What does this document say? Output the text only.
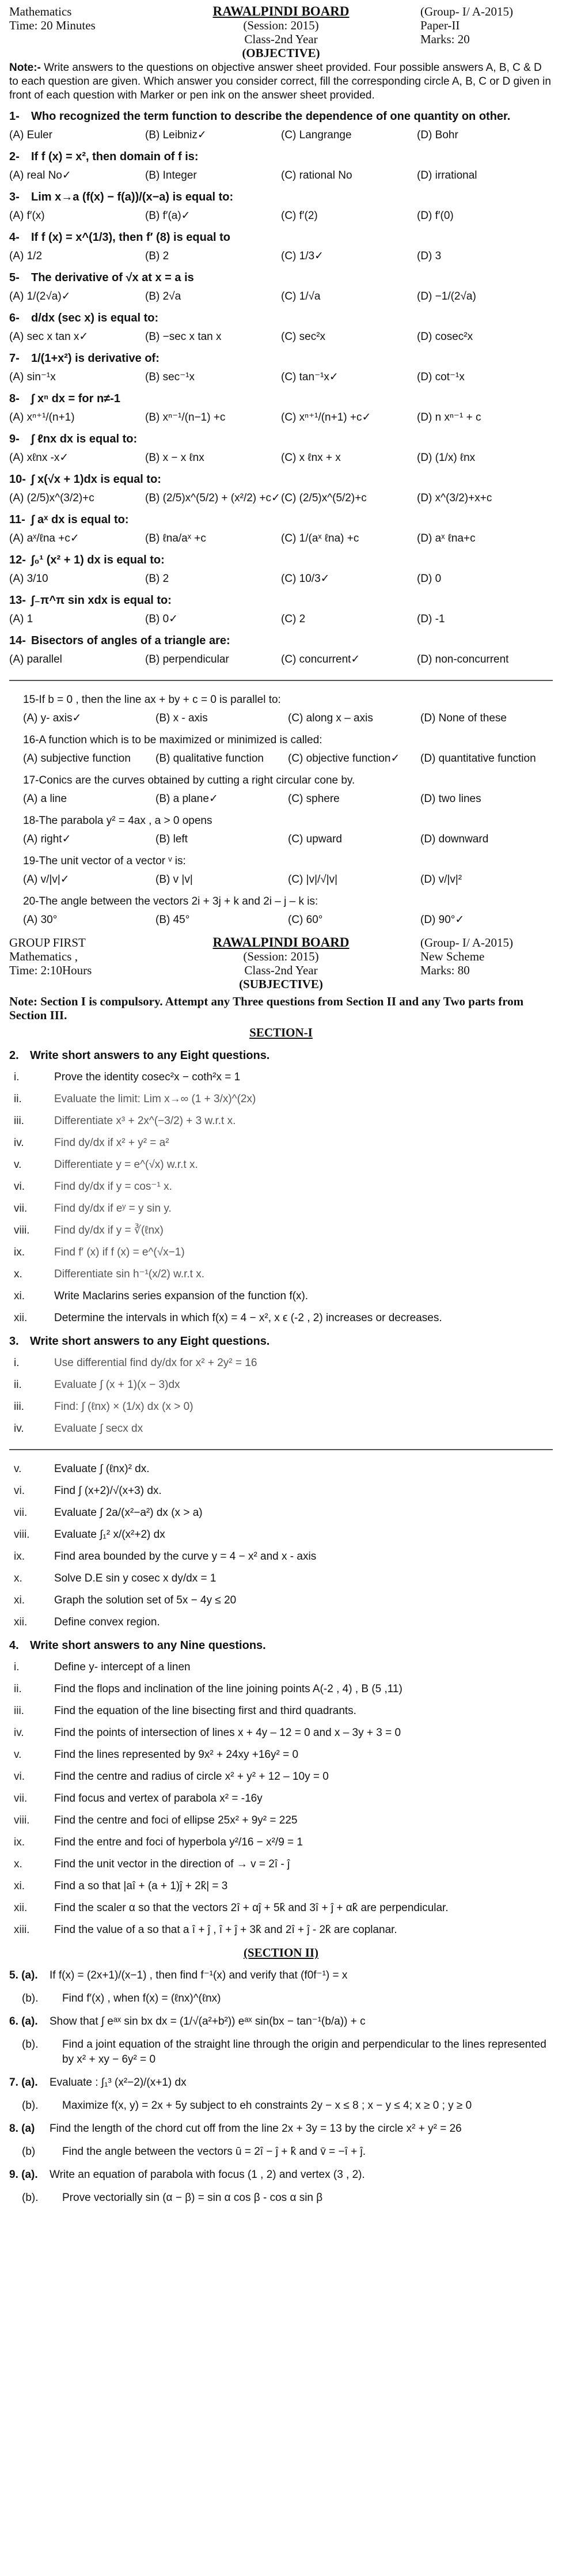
Mathematics
Time: 20 Minutes
RAWALPINDI BOARD
(Session: 2015)
Class-2nd Year
(OBJECTIVE)
(Group- I/ A-2015)
Paper-II
Marks: 20
Note:- Write answers to the questions on objective answer sheet provided. Four possible answers A, B, C & D to each question are given. Which answer you consider correct, fill the corresponding circle A, B, C or D given in front of each question with Marker or pen ink on the answer sheet provided.
1- Who recognized the term function to describe the dependence of one quantity on other.
(A) Euler	(B) Leibniz✓	(C) Langrange	(D) Bohr
2- If f (x) = x², then domain of f is:
(A) real No✓	(B) Integer	(C) rational No	(D) irrational
3- Lim x→a (f(x) − f(a))/(x−a) is equal to:
(A) f′(x)	(B) f′(a)✓	(C) f′(2)	(D) f′(0)
4- If f (x) = x^(1/3), then f′ (8) is equal to
(A) 1/2	(B) 2	(C) 1/3✓	(D) 3
5- The derivative of √x at x = a is
(A) 1/(2√a)✓	(B) 2√a	(C) 1/√a	(D) −1/(2√a)
6- d/dx (sec x) is equal to:
(A) sec x tan x✓	(B) −sec x tan x	(C) sec²x	(D) cosec²x
7- 1/(1+x²) is derivative of:
(A) sin⁻¹x	(B) sec⁻¹x	(C) tan⁻¹x✓	(D) cot⁻¹x
8- ∫ xⁿ dx = for n≠-1
(A) xⁿ⁺¹/(n+1)	(B) xⁿ⁻¹/(n−1) +c	(C) xⁿ⁺¹/(n+1) +c✓	(D) n xⁿ⁻¹ + c
9- ∫ ℓnx dx is equal to:
(A) xℓnx -x✓	(B) x − x ℓnx	(C) x ℓnx + x	(D) (1/x) ℓnx
10- ∫ x(√x + 1)dx is equal to:
(A) (2/5)x^(3/2)+c	(B) (2/5)x^(5/2) + (x²/2) +c✓ (C) (2/5)x^(5/2)+c	(D) x^(3/2)+x+c
11- ∫ aˣ dx is equal to:
(A) aˣ/ℓna +c✓	(B) ℓna/aˣ +c	(C) 1/(aˣ ℓna) +c	(D) aˣ ℓna+c
12- ∫₀¹ (x² + 1) dx is equal to:
(A) 3/10	(B) 2	(C) 10/3✓	(D) 0
13- ∫₋π^π sin xdx is equal to:
(A) 1	(B) 0✓	(C) 2	(D) -1
14- Bisectors of angles of a triangle are:
(A) parallel	(B) perpendicular	(C) concurrent✓	(D) non-concurrent
15-If b = 0 , then the line ax + by + c = 0 is parallel to:
(A) y- axis✓	(B) x - axis	(C) along x – axis	(D) None of these
16-A function which is to be maximized or minimized is called:
(A) subjective function	(B) qualitative function	(C) objective function✓	(D) quantitative function
17-Conics are the curves obtained by cutting a right circular cone by.
(A) a line	(B) a plane✓	(C) sphere	(D) two lines
18-The parabola y² = 4ax , a > 0 opens
(A) right✓	(B) left	(C) upward	(D) downward
19-The unit vector of a vector ᵛ is:
(A) v/|v|✓	(B) v |v|	(C) |v|/√|v|	(D) v/|v|²
20-The angle between the vectors 2i + 3j + k and 2i – j – k is:
(A) 30°	(B) 45°	(C) 60°	(D) 90°✓
GROUP FIRST Mathematics ,
Time: 2:10Hours
RAWALPINDI BOARD
(Session: 2015)
Class-2nd Year
(SUBJECTIVE)
(Group- I/ A-2015)
New Scheme
Marks: 80
Note: Section I is compulsory. Attempt any Three questions from Section II and any Two parts from Section III.
SECTION-I
2. Write short answers to any Eight questions.
i.	Prove the identity cosec²x − coth²x = 1
ii.	Evaluate the limit: Lim x→∞ (1 + 3/x)^(2x)
iii.	Differentiate x³ + 2x^(−3/2) + 3 w.r.t x.
iv.	Find dy/dx if x² + y² = a²
v.	Differentiate y = e^(√x) w.r.t x.
vi.	Find dy/dx if y = cos⁻¹ x.
vii.	Find dy/dx if eʸ = y sin y.
viii.	Find dy/dx if y = ∛(ℓnx)
ix.	Find f′ (x) if f (x) = e^(√x−1)
x.	Differentiate sin h⁻¹(x/2) w.r.t x.
xi.	Write Maclarins series expansion of the function f(x).
xii.	Determine the intervals in which f(x) = 4 − x², x ϵ (-2 , 2) increases or decreases.
3. Write short answers to any Eight questions.
i.	Use differential find dy/dx for x² + 2y² = 16
ii.	Evaluate ∫ (x + 1)(x − 3)dx
iii.	Find: ∫ (ℓnx) × (1/x) dx (x > 0)
iv.	Evaluate ∫ secx dx
v.	Evaluate ∫ (ℓnx)² dx.
vi.	Find ∫ (x+2)/√(x+3) dx.
vii.	Evaluate ∫ 2a/(x²−a²) dx (x > a)
viii.	Evaluate ∫₁² x/(x²+2) dx
ix.	Find area bounded by the curve y = 4 − x² and x - axis
x.	Solve D.E sin y cosec x dy/dx = 1
xi.	Graph the solution set of 5x − 4y ≤ 20
xii.	Define convex region.
4. Write short answers to any Nine questions.
i.	Define y- intercept of a linen
ii.	Find the flops and inclination of the line joining points A(-2 , 4) , B (5 ,11)
iii.	Find the equation of the line bisecting first and third quadrants.
iv.	Find the points of intersection of lines x + 4y – 12 = 0 and x – 3y + 3 = 0
v.	Find the lines represented by 9x² + 24xy +16y² = 0
vi.	Find the centre and radius of circle x² + y² + 12 – 10y = 0
vii.	Find focus and vertex of parabola x² = -16y
viii.	Find the centre and foci of ellipse 25x² + 9y² = 225
ix.	Find the entre and foci of hyperbola y²/16 − x²/9 = 1
x.	Find the unit vector in the direction of → v = 2î - ĵ
xi.	Find a so that |aî + (a + 1)ĵ + 2k̂| = 3
xii.	Find the scaler α so that the vectors 2î + αĵ + 5k̂ and 3î + ĵ + αk̂ are perpendicular.
xiii.	Find the value of a so that a î + ĵ , î + ĵ + 3k̂ and 2î + ĵ - 2k̂ are coplanar.
(SECTION II)
5. (a).	If f(x) = (2x+1)/(x−1) , then find f⁻¹(x) and verify that (f0f⁻¹) = x
(b).	Find f′(x) , when f(x) = (ℓnx)^(ℓnx)
6. (a).	Show that ∫ eᵃˣ sin bx dx = (1/√(a²+b²)) eᵃˣ sin(bx − tan⁻¹(b/a)) + c
(b).	Find a joint equation of the straight line through the origin and perpendicular to the lines represented by x² + xy − 6y² = 0
7. (a).	Evaluate : ∫₁³ (x²−2)/(x+1) dx
(b).	Maximize f(x, y) = 2x + 5y subject to eh constraints 2y − x ≤ 8 ; x − y ≤ 4; x ≥ 0 ; y ≥ 0
8. (a)	Find the length of the chord cut off from the line 2x + 3y = 13 by the circle x² + y² = 26
(b)	Find the angle between the vectors ū = 2î − ĵ + k̂ and v̄ = −î + ĵ.
9. (a).	Write an equation of parabola with focus (1 , 2) and vertex (3 , 2).
(b).	Prove vectorially sin (α − β) = sin α cos β - cos α sin β
